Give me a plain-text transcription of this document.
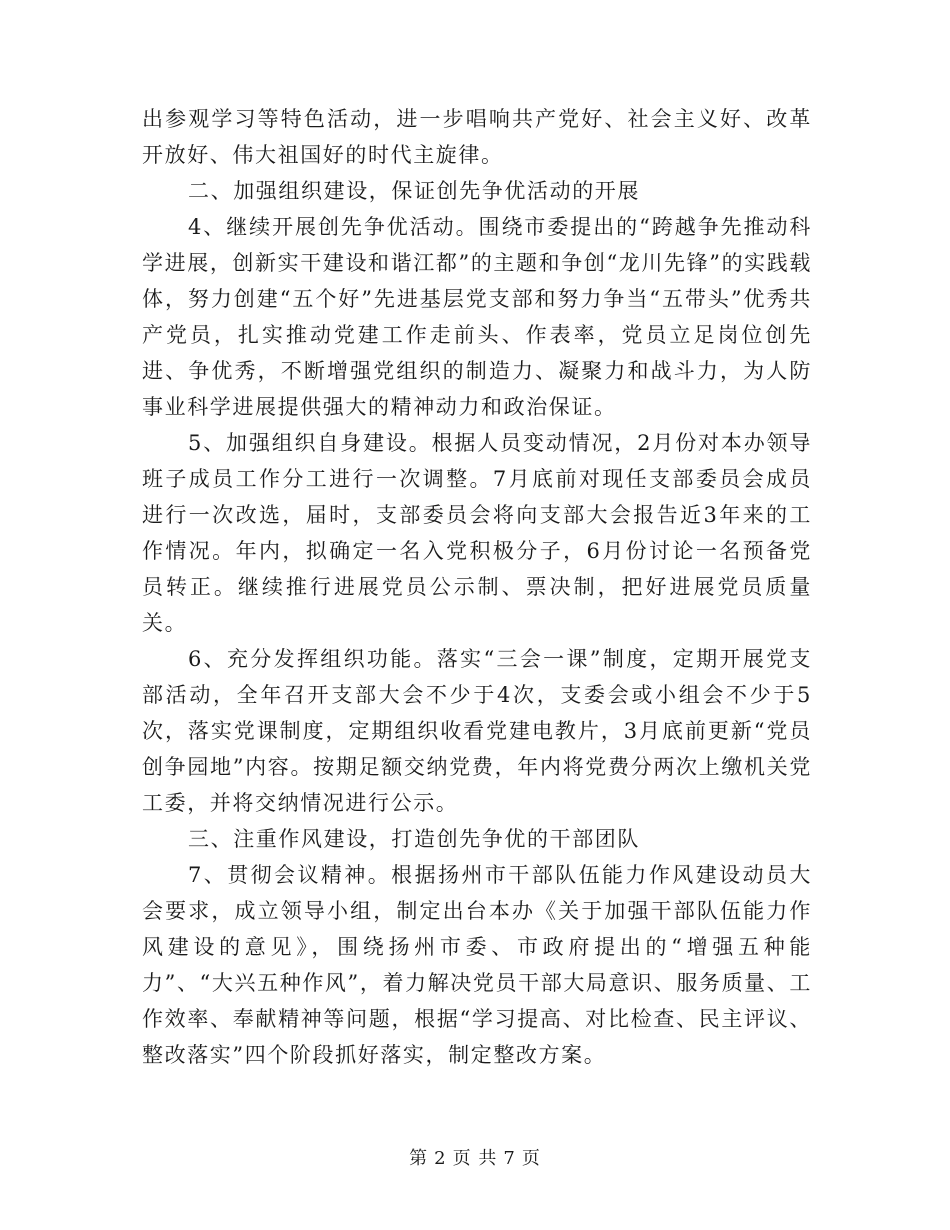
出参观学习等特色活动，进一步唱响共产党好、社会主义好、改革开放好、伟大祖国好的时代主旋律。

二、加强组织建设，保证创先争优活动的开展

4、继续开展创先争优活动。围绕市委提出的“跨越争先推动科学进展，创新实干建设和谐江都”的主题和争创“龙川先锋”的实践载体，努力创建“五个好”先进基层党支部和努力争当“五带头”优秀共产党员，扎实推动党建工作走前头、作表率，党员立足岗位创先进、争优秀，不断增强党组织的制造力、凝聚力和战斗力，为人防事业科学进展提供强大的精神动力和政治保证。

5、加强组织自身建设。根据人员变动情况，2月份对本办领导班子成员工作分工进行一次调整。7月底前对现任支部委员会成员进行一次改选，届时，支部委员会将向支部大会报告近3年来的工作情况。年内，拟确定一名入党积极分子，6月份讨论一名预备党员转正。继续推行进展党员公示制、票决制，把好进展党员质量关。

6、充分发挥组织功能。落实“三会一课”制度，定期开展党支部活动，全年召开支部大会不少于4次，支委会或小组会不少于5次，落实党课制度，定期组织收看党建电教片，3月底前更新“党员创争园地”内容。按期足额交纳党费，年内将党费分两次上缴机关党工委，并将交纳情况进行公示。

三、注重作风建设，打造创先争优的干部团队

7、贯彻会议精神。根据扬州市干部队伍能力作风建设动员大会要求，成立领导小组，制定出台本办《关于加强干部队伍能力作风建设的意见》，围绕扬州市委、市政府提出的“增强五种能力”、“大兴五种作风”，着力解决党员干部大局意识、服务质量、工作效率、奉献精神等问题，根据“学习提高、对比检查、民主评议、整改落实”四个阶段抓好落实，制定整改方案。

第 2 页 共 7 页
